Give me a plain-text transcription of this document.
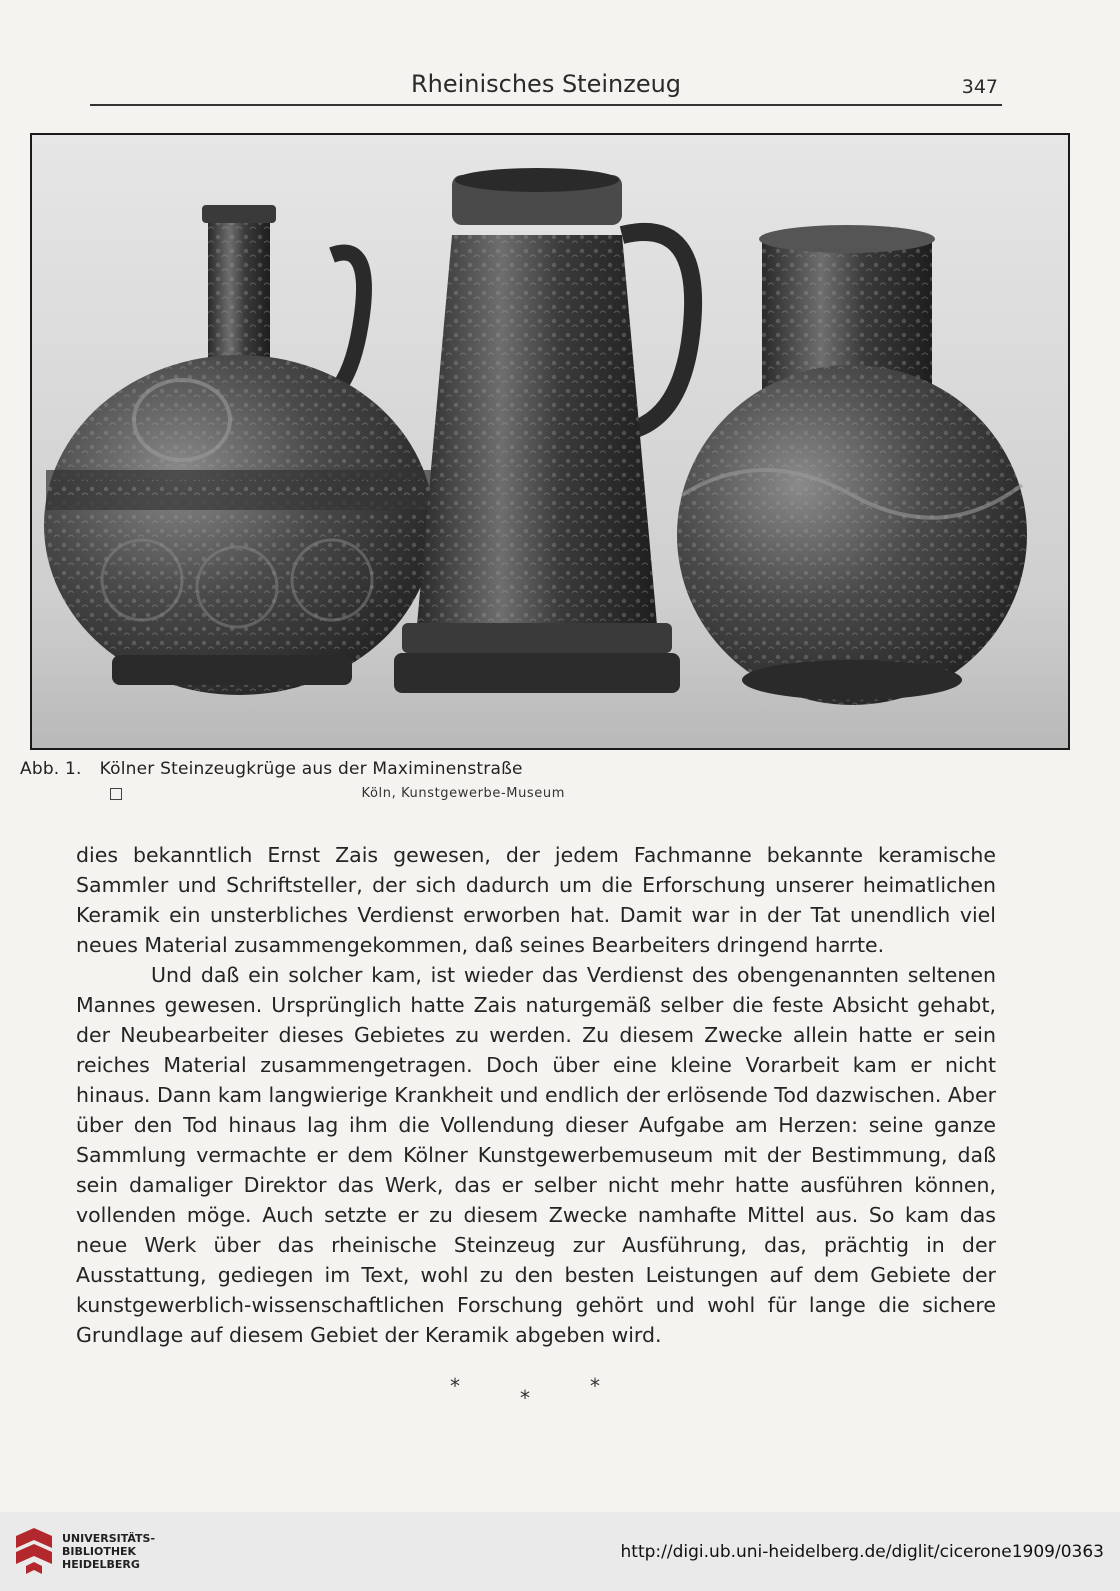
Rheinisches Steinzeug	347
Abb. 1. Kölner Steinzeugkrüge aus der Maximinenstraße
Köln, Kunstgewerbe-Museum

dies bekanntlich Ernst Zais gewesen, der jedem Fachmanne bekannte keramische Sammler und Schriftsteller, der sich dadurch um die Erforschung unserer heimatlichen Keramik ein unsterbliches Verdienst erworben hat. Damit war in der Tat unendlich viel neues Material zusammengekommen, daß seines Bearbeiters dringend harrte.

Und daß ein solcher kam, ist wieder das Verdienst des obengenannten seltenen Mannes gewesen. Ursprünglich hatte Zais naturgemäß selber die feste Absicht gehabt, der Neubearbeiter dieses Gebietes zu werden. Zu diesem Zwecke allein hatte er sein reiches Material zusammengetragen. Doch über eine kleine Vorarbeit kam er nicht hinaus. Dann kam langwierige Krankheit und endlich der erlösende Tod dazwischen. Aber über den Tod hinaus lag ihm die Vollendung dieser Aufgabe am Herzen: seine ganze Sammlung vermachte er dem Kölner Kunstgewerbemuseum mit der Bestimmung, daß sein damaliger Direktor das Werk, das er selber nicht mehr hatte ausführen können, vollenden möge. Auch setzte er zu diesem Zwecke namhafte Mittel aus. So kam das neue Werk über das rheinische Steinzeug zur Ausführung, das, prächtig in der Ausstattung, gediegen im Text, wohl zu den besten Leistungen auf dem Gebiete der kunstgewerblich-wissenschaftlichen Forschung gehört und wohl für lange die sichere Grundlage auf diesem Gebiet der Keramik abgeben wird.

*	*	*
UNIVERSITÄTS-
BIBLIOTHEK
HEIDELBERG
http://digi.ub.uni-heidelberg.de/diglit/cicerone1909/0363
